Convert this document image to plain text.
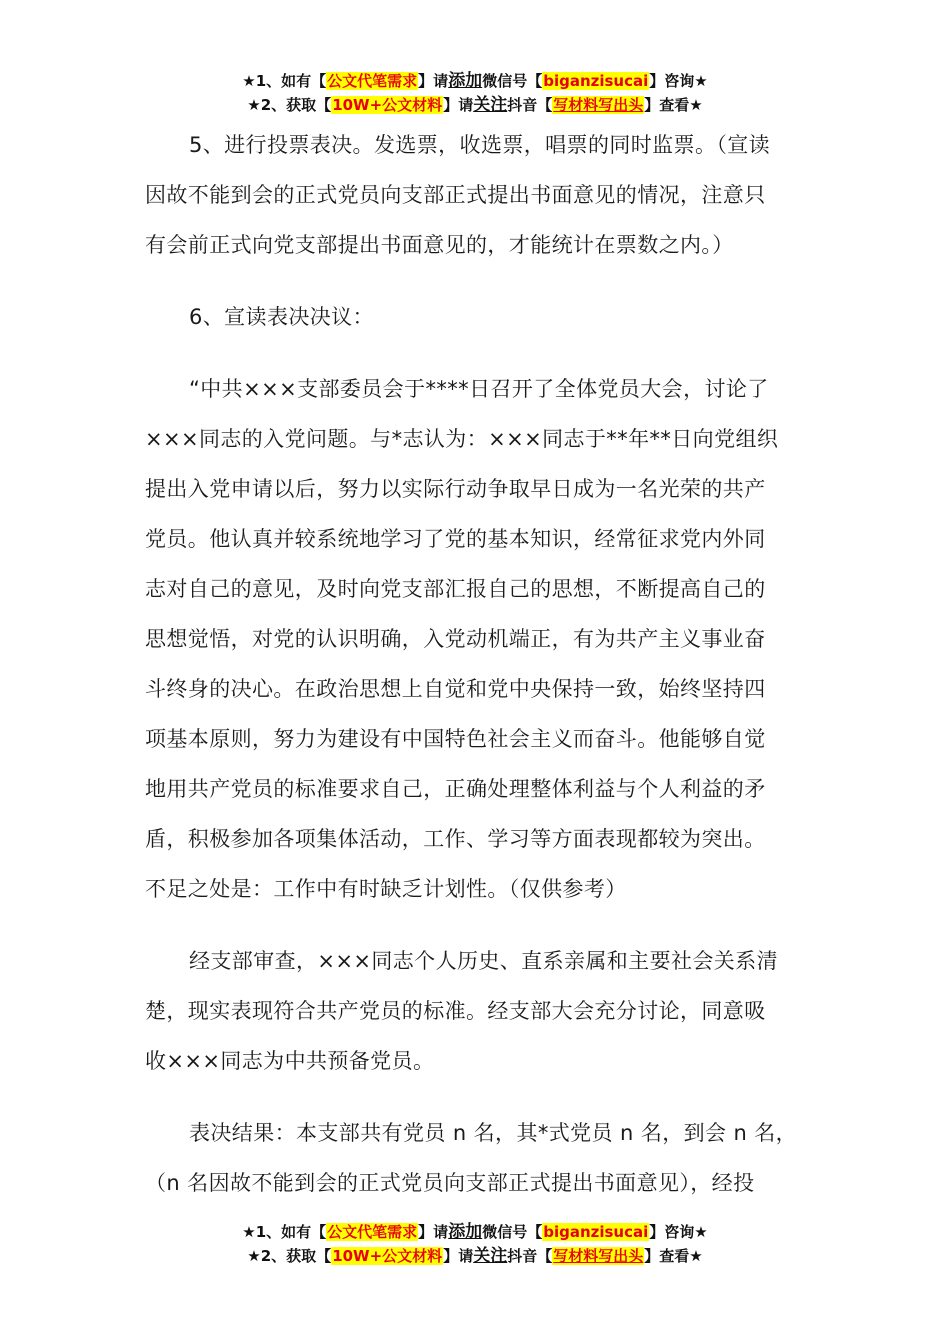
★1、如有【公文代笔需求】请添加微信号【biganzisucai】咨询★
★2、获取【10W+公文材料】请关注抖音【写材料写出头】查看★
5、进行投票表决。发选票，收选票，唱票的同时监票。（宣读
因故不能到会的正式党员向支部正式提出书面意见的情况，注意只
有会前正式向党支部提出书面意见的，才能统计在票数之内。）
6、宣读表决决议：
“中共×××支部委员会于****日召开了全体党员大会，讨论了
×××同志的入党问题。与*志认为：×××同志于**年**日向党组织
提出入党申请以后，努力以实际行动争取早日成为一名光荣的共产
党员。他认真并较系统地学习了党的基本知识，经常征求党内外同
志对自己的意见，及时向党支部汇报自己的思想，不断提高自己的
思想觉悟，对党的认识明确，入党动机端正，有为共产主义事业奋
斗终身的决心。在政治思想上自觉和党中央保持一致，始终坚持四
项基本原则，努力为建设有中国特色社会主义而奋斗。他能够自觉
地用共产党员的标准要求自己，正确处理整体利益与个人利益的矛
盾，积极参加各项集体活动，工作、学习等方面表现都较为突出。
不足之处是：工作中有时缺乏计划性。（仅供参考）
经支部审查，×××同志个人历史、直系亲属和主要社会关系清
楚，现实表现符合共产党员的标准。经支部大会充分讨论，同意吸
收×××同志为中共预备党员。
表决结果：本支部共有党员 n 名，其*式党员 n 名，到会 n 名，
（n 名因故不能到会的正式党员向支部正式提出书面意见），经投
★1、如有【公文代笔需求】请添加微信号【biganzisucai】咨询★
★2、获取【10W+公文材料】请关注抖音【写材料写出头】查看★
